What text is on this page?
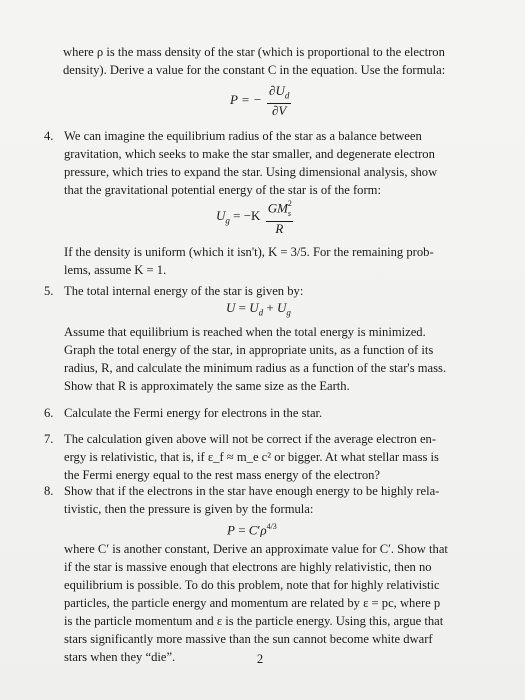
where ρ is the mass density of the star (which is proportional to the electron
density). Derive a value for the constant C in the equation. Use the formula:
P = − $\frac{\partial U_d}{\partial V}$
4. We can imagine the equilibrium radius of the star as a balance between
gravitation, which seeks to make the star smaller, and degenerate electron
pressure, which tries to expand the star. Using dimensional analysis, show
that the gravitational potential energy of the star is of the form:
$U_g = -K \frac{GM^2_s}{R}$
If the density is uniform (which it isn't), K = 3/5. For the remaining prob-
lems, assume K = 1.
5. The total internal energy of the star is given by:
$U = U_d + U_g$
Assume that equilibrium is reached when the total energy is minimized.
Graph the total energy of the star, in appropriate units, as a function of its
radius, R, and calculate the minimum radius as a function of the star's mass.
Show that R is approximately the same size as the Earth.
6. Calculate the Fermi energy for electrons in the star.
7. The calculation given above will not be correct if the average electron en-
ergy is relativistic, that is, if ε_f ≈ m_e c² or bigger. At what stellar mass is
the Fermi energy equal to the rest mass energy of the electron?
8. Show that if the electrons in the star have enough energy to be highly rela-
tivistic, then the pressure is given by the formula:
$P = C'\rho^{4/3}$
where C′ is another constant, Derive an approximate value for C′. Show that
if the star is massive enough that electrons are highly relativistic, then no
equilibrium is possible. To do this problem, note that for highly relativistic
particles, the particle energy and momentum are related by ε = pc, where p
is the particle momentum and ε is the particle energy. Using this, argue that
stars significantly more massive than the sun cannot become white dwarf
stars when they “die”.	2
